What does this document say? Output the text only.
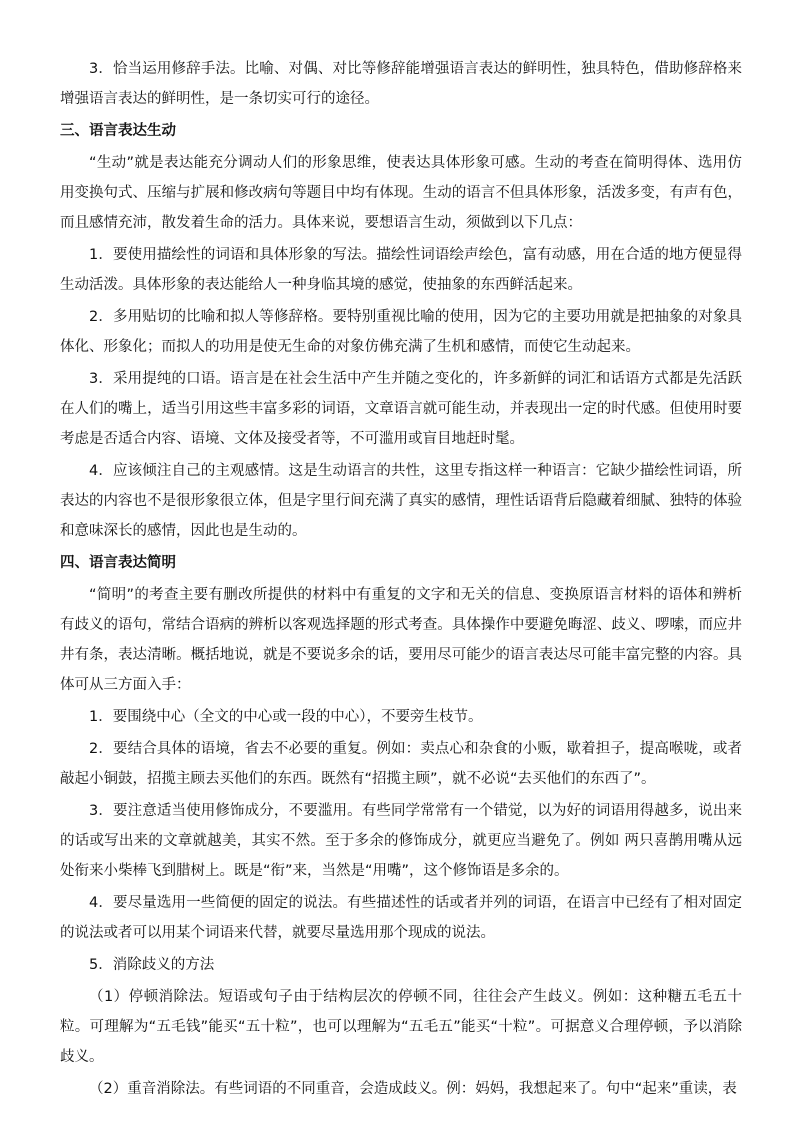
3．恰当运用修辞手法。比喻、对偶、对比等修辞能增强语言表达的鲜明性，独具特色，借助修辞格来增强语言表达的鲜明性，是一条切实可行的途径。

三、语言表达生动

“生动”就是表达能充分调动人们的形象思维，使表达具体形象可感。生动的考查在简明得体、选用仿用变换句式、压缩与扩展和修改病句等题目中均有体现。生动的语言不但具体形象，活泼多变，有声有色，而且感情充沛，散发着生命的活力。具体来说，要想语言生动，须做到以下几点：

1．要使用描绘性的词语和具体形象的写法。描绘性词语绘声绘色，富有动感，用在合适的地方便显得生动活泼。具体形象的表达能给人一种身临其境的感觉，使抽象的东西鲜活起来。

2．多用贴切的比喻和拟人等修辞格。要特别重视比喻的使用，因为它的主要功用就是把抽象的对象具体化、形象化；而拟人的功用是使无生命的对象仿佛充满了生机和感情，而使它生动起来。

3．采用提纯的口语。语言是在社会生活中产生并随之变化的，许多新鲜的词汇和话语方式都是先活跃在人们的嘴上，适当引用这些丰富多彩的词语，文章语言就可能生动，并表现出一定的时代感。但使用时要考虑是否适合内容、语境、文体及接受者等，不可滥用或盲目地赶时髦。

4．应该倾注自己的主观感情。这是生动语言的共性，这里专指这样一种语言：它缺少描绘性词语，所表达的内容也不是很形象很立体，但是字里行间充满了真实的感情，理性话语背后隐藏着细腻、独特的体验和意味深长的感情，因此也是生动的。

四、语言表达简明

“简明”的考查主要有删改所提供的材料中有重复的文字和无关的信息、变换原语言材料的语体和辨析有歧义的语句，常结合语病的辨析以客观选择题的形式考查。具体操作中要避免晦涩、歧义、啰嗦，而应井井有条，表达清晰。概括地说，就是不要说多余的话，要用尽可能少的语言表达尽可能丰富完整的内容。具体可从三方面入手：

1．要围绕中心（全文的中心或一段的中心），不要旁生枝节。

2．要结合具体的语境，省去不必要的重复。例如：卖点心和杂食的小贩，歇着担子，提高喉咙，或者敲起小铜鼓，招揽主顾去买他们的东西。既然有“招揽主顾”，就不必说“去买他们的东西了”。

3．要注意适当使用修饰成分，不要滥用。有些同学常常有一个错觉，以为好的词语用得越多，说出来的话或写出来的文章就越美，其实不然。至于多余的修饰成分，就更应当避免了。例如 两只喜鹊用嘴从远处衔来小柴棒飞到腊树上。既是“衔”来，当然是“用嘴”，这个修饰语是多余的。

4．要尽量选用一些简便的固定的说法。有些描述性的话或者并列的词语，在语言中已经有了相对固定的说法或者可以用某个词语来代替，就要尽量选用那个现成的说法。

5．消除歧义的方法

（1）停顿消除法。短语或句子由于结构层次的停顿不同，往往会产生歧义。例如：这种糖五毛五十粒。可理解为“五毛钱”能买“五十粒”，也可以理解为“五毛五”能买“十粒”。可据意义合理停顿，予以消除歧义。

（2）重音消除法。有些词语的不同重音，会造成歧义。例：妈妈，我想起来了。句中“起来”重读，表
